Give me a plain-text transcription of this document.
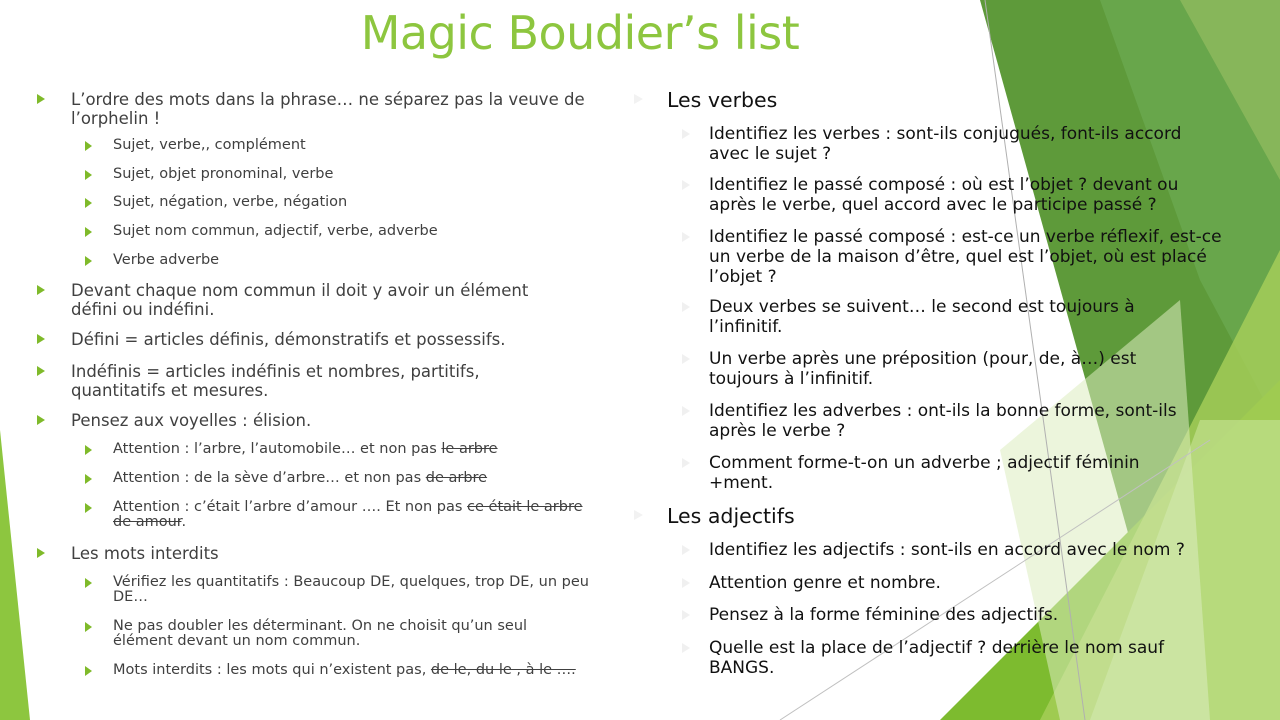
Magic Boudier’s list
L’ordre des mots dans la phrase… ne séparez pas la veuve de l’orphelin !
Sujet, verbe,, complément
Sujet, objet pronominal, verbe
Sujet, négation, verbe, négation
Sujet nom commun, adjectif, verbe, adverbe
Verbe adverbe
Devant chaque nom commun il doit y avoir un élément défini ou indéfini.
Défini = articles définis, démonstratifs et possessifs.
Indéfinis = articles indéfinis et nombres, partitifs, quantitatifs et mesures.
Pensez aux voyelles : élision.
Attention : l’arbre, l’automobile… et non pas le arbre
Attention : de la sève d’arbre… et non pas de arbre
Attention : c’était l’arbre d’amour …. Et non pas ce était le arbre de amour.
Les mots interdits
Vérifiez les quantitatifs : Beaucoup DE, quelques, trop DE, un peu DE…
Ne pas doubler les déterminant. On ne choisit qu’un seul élément devant un nom commun.
Mots interdits : les mots qui n’existent pas, de le, du le , à le ….
Les verbes
Identifiez les verbes : sont-ils conjugués, font-ils accord avec le sujet ?
Identifiez le passé composé : où est l’objet ? devant ou après le verbe, quel accord avec le participe passé ?
Identifiez le passé composé : est-ce un verbe réflexif, est-ce un verbe de la maison d’être, quel est l’objet, où est placé l’objet ?
Deux verbes se suivent… le second est toujours à l’infinitif.
Un verbe après une préposition (pour, de, à…) est toujours à l’infinitif.
Identifiez les adverbes : ont-ils la bonne forme, sont-ils après le verbe ?
Comment forme-t-on un adverbe ; adjectif féminin +ment.
Les adjectifs
Identifiez les adjectifs : sont-ils en accord avec le nom ?
Attention genre et nombre.
Pensez à la forme féminine des adjectifs.
Quelle est la place de l’adjectif ? derrière le nom sauf BANGS.
